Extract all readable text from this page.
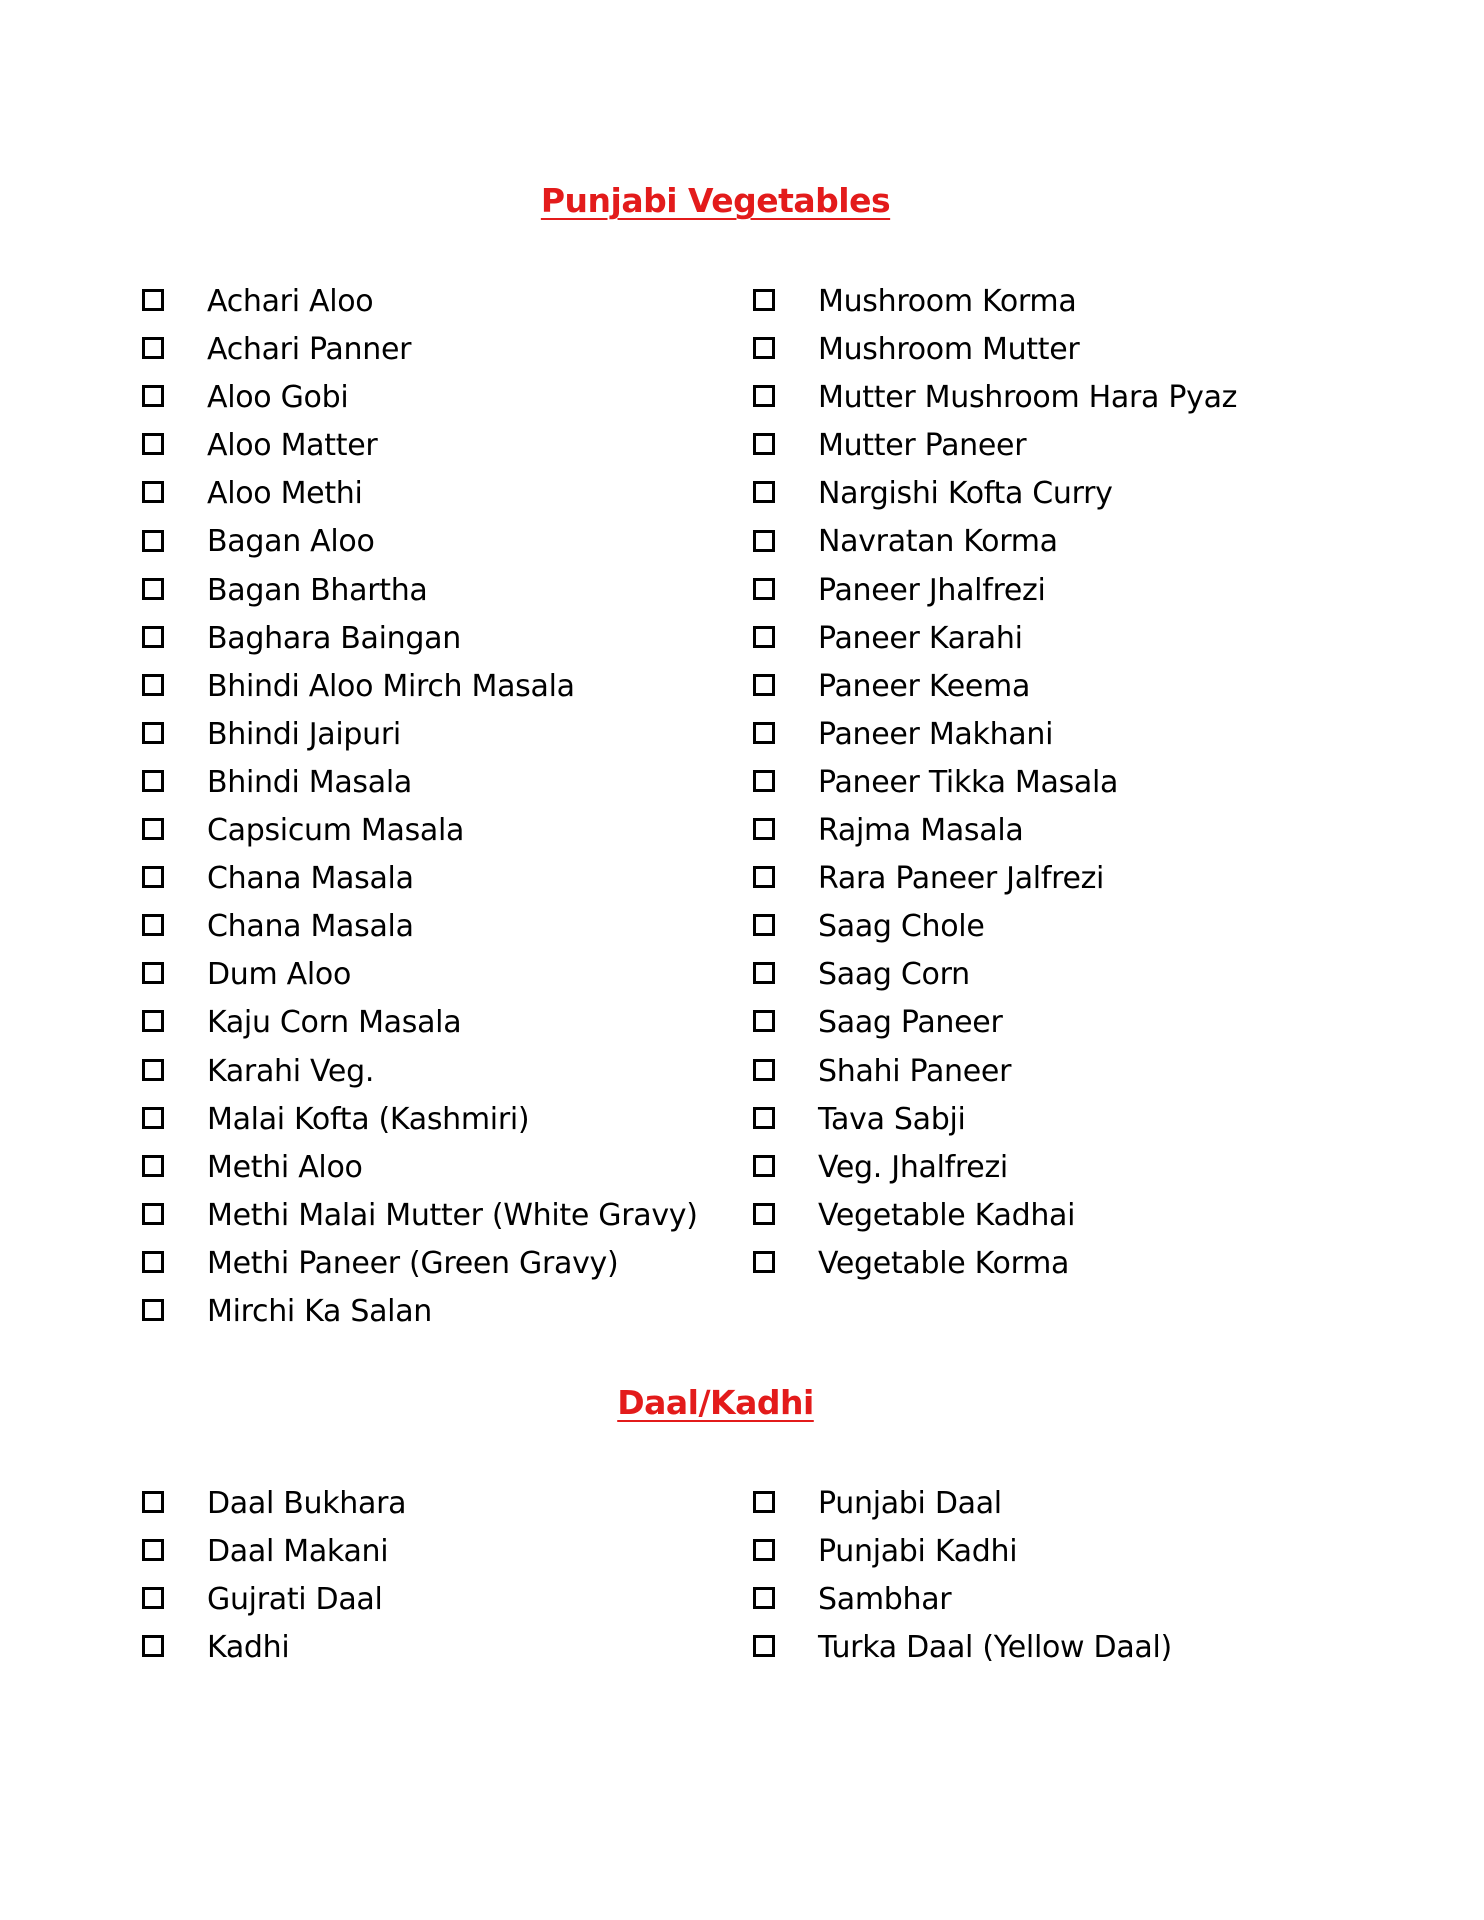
Punjabi Vegetables
Achari Aloo
Achari Panner
Aloo Gobi
Aloo Matter
Aloo Methi
Bagan Aloo
Bagan Bhartha
Baghara Baingan
Bhindi Aloo Mirch Masala
Bhindi Jaipuri
Bhindi Masala
Capsicum Masala
Chana Masala
Chana Masala
Dum Aloo
Kaju Corn Masala
Karahi Veg.
Malai Kofta (Kashmiri)
Methi Aloo
Methi Malai Mutter (White Gravy)
Methi Paneer (Green Gravy)
Mirchi Ka Salan
Mushroom Korma
Mushroom Mutter
Mutter Mushroom Hara Pyaz
Mutter Paneer
Nargishi Kofta Curry
Navratan Korma
Paneer Jhalfrezi
Paneer Karahi
Paneer Keema
Paneer Makhani
Paneer Tikka Masala
Rajma Masala
Rara Paneer Jalfrezi
Saag Chole
Saag Corn
Saag Paneer
Shahi Paneer
Tava Sabji
Veg. Jhalfrezi
Vegetable Kadhai
Vegetable Korma
Daal/Kadhi
Daal Bukhara
Daal Makani
Gujrati Daal
Kadhi
Punjabi Daal
Punjabi Kadhi
Sambhar
Turka Daal (Yellow Daal)
